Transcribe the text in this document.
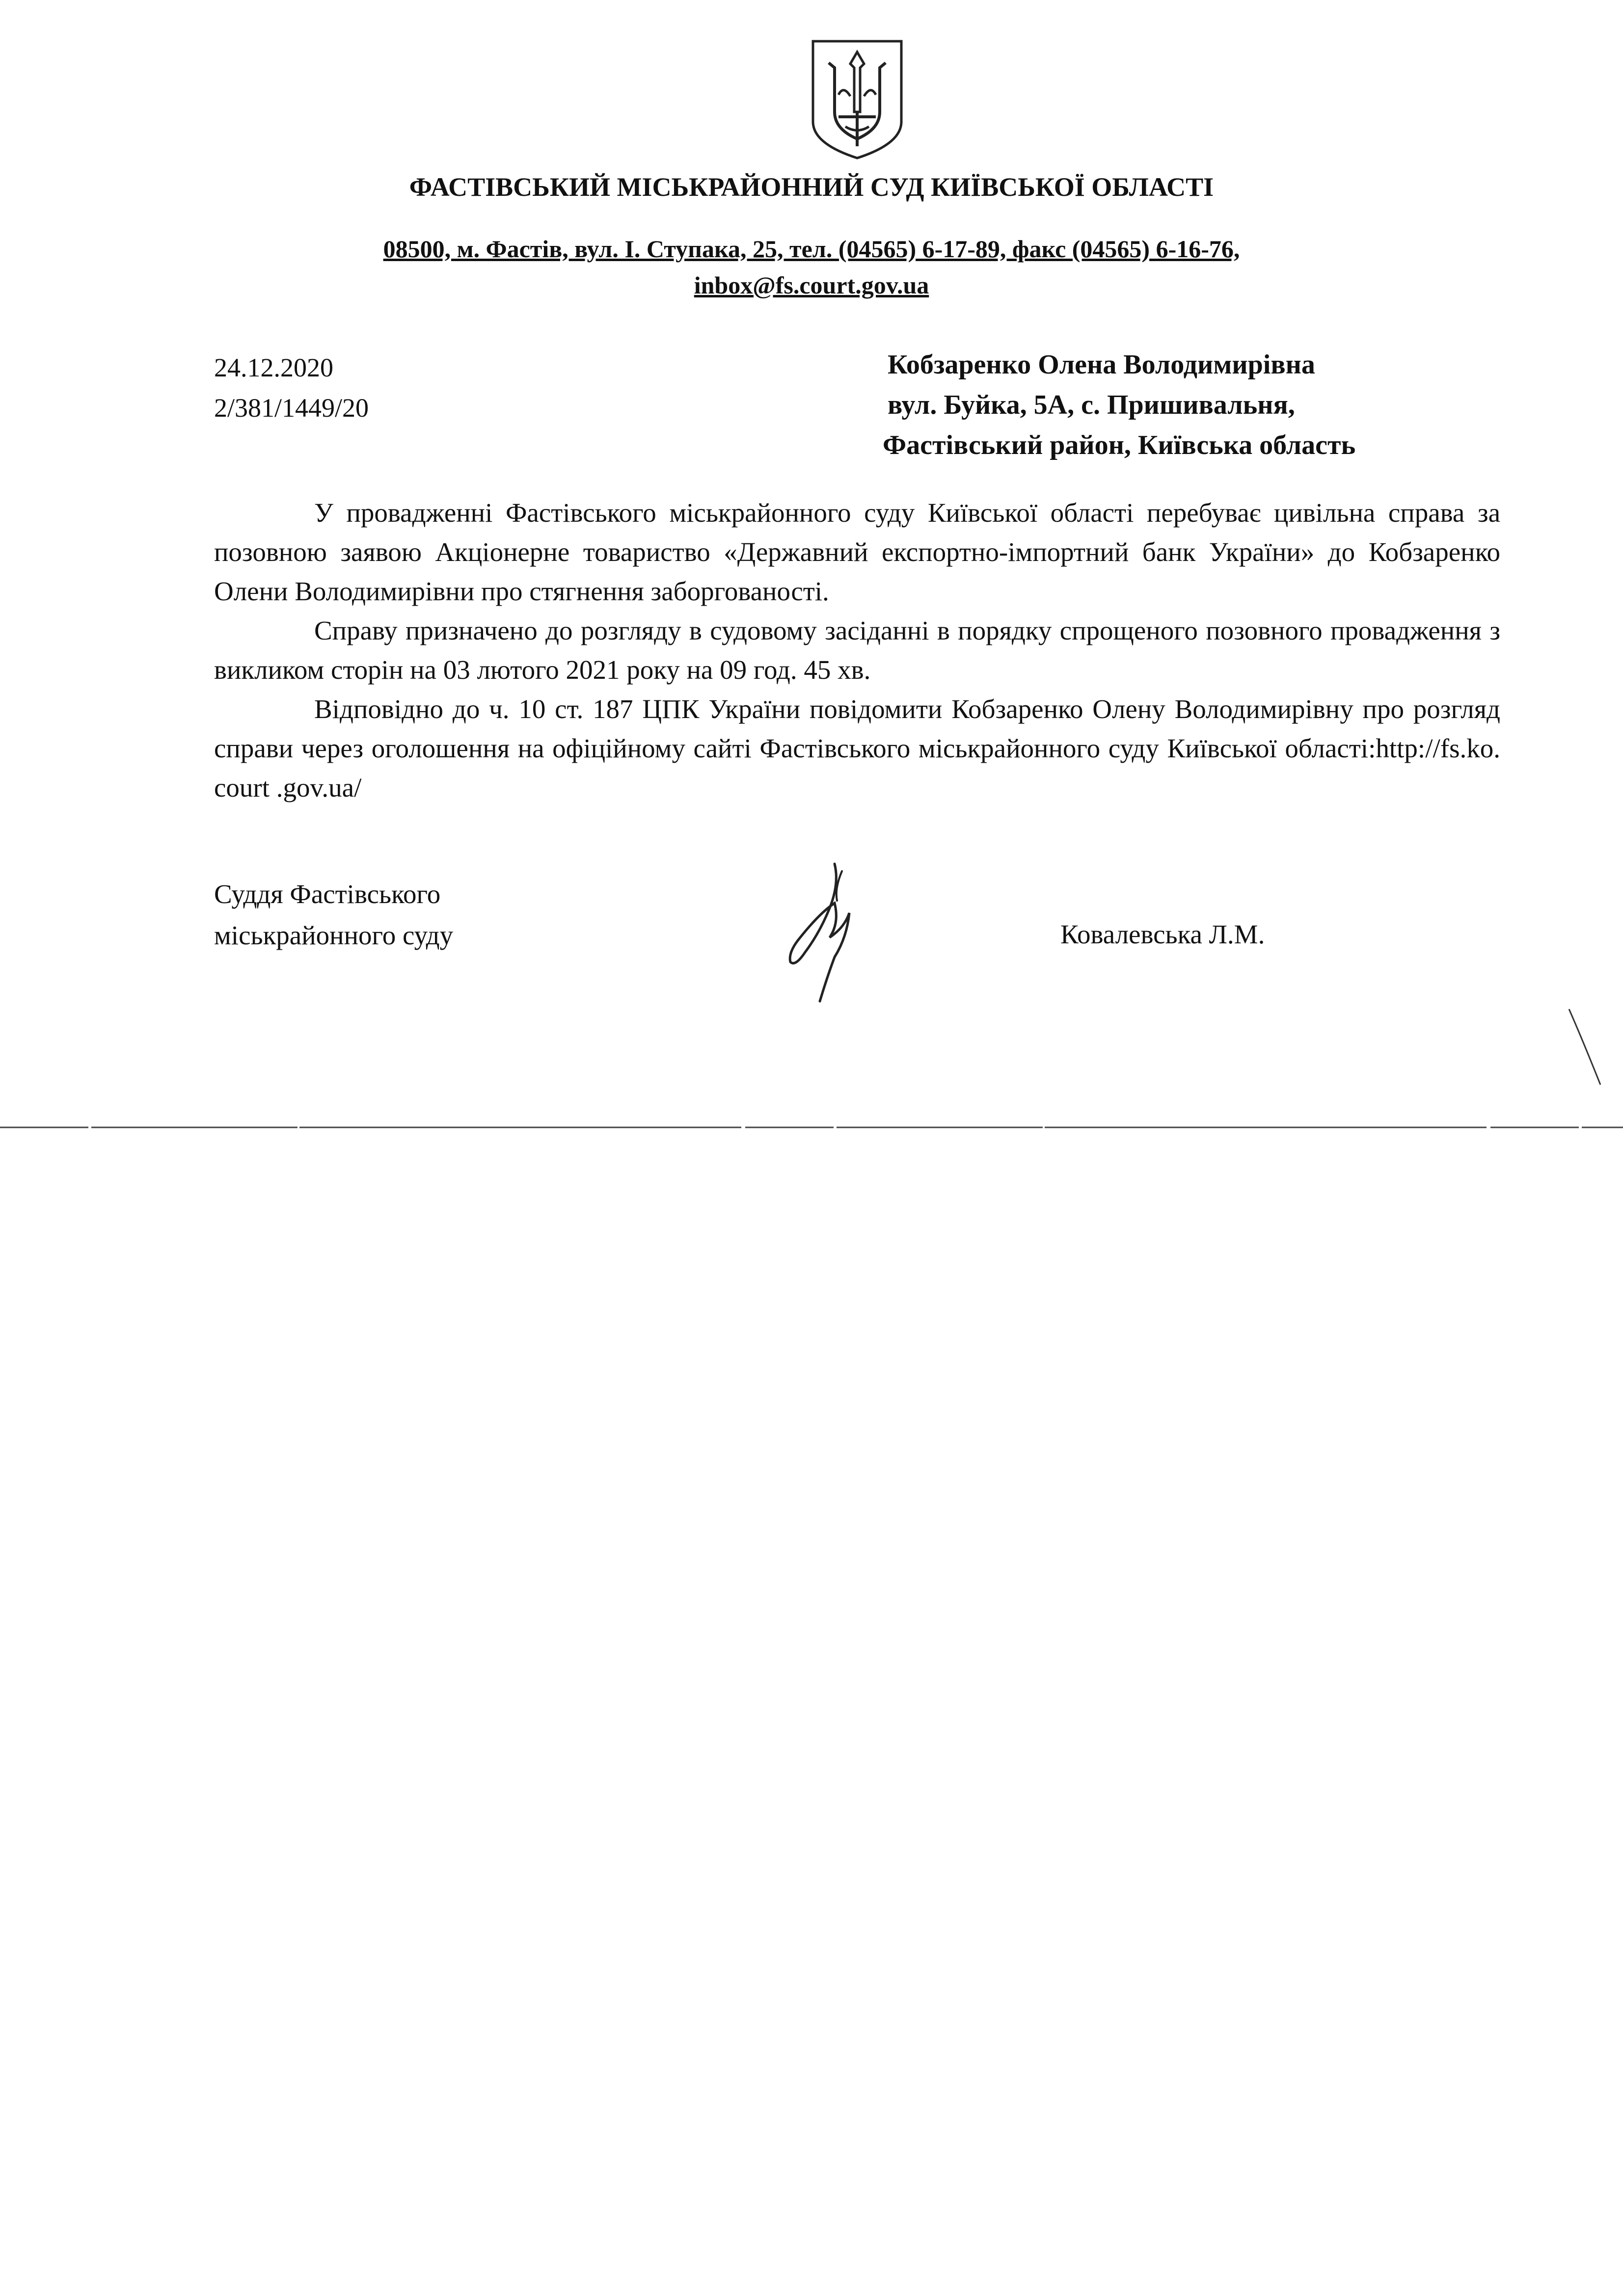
ФАСТІВСЬКИЙ МІСЬКРАЙОННИЙ СУД КИЇВСЬКОЇ ОБЛАСТІ
08500, м. Фастів, вул. І. Ступака, 25, тел. (04565) 6-17-89, факс (04565) 6-16-76,
inbox@fs.court.gov.ua
24.12.2020
2/381/1449/20
Кобзаренко Олена Володимирівна
вул. Буйка, 5А, с. Пришивальня,
Фастівський район, Київська область

У провадженні Фастівського міськрайонного суду Київської області перебуває цивільна справа за позовною заявою Акціонерне товариство «Державний експортно-імпортний банк України» до Кобзаренко Олени Володимирівни про стягнення заборгованості.

Справу призначено до розгляду в судовому засіданні в порядку спрощеного позовного провадження з викликом сторін на 03 лютого 2021 року на 09 год. 45 хв.

Відповідно до ч. 10 ст. 187 ЦПК України повідомити Кобзаренко Олену Володимирівну про розгляд справи через оголошення на офіційному сайті Фастівського міськрайонного суду Київської області:http://fs.ko. court .gov.ua/

Суддя Фастівського
міськрайонного суду	Ковалевська Л.М.
